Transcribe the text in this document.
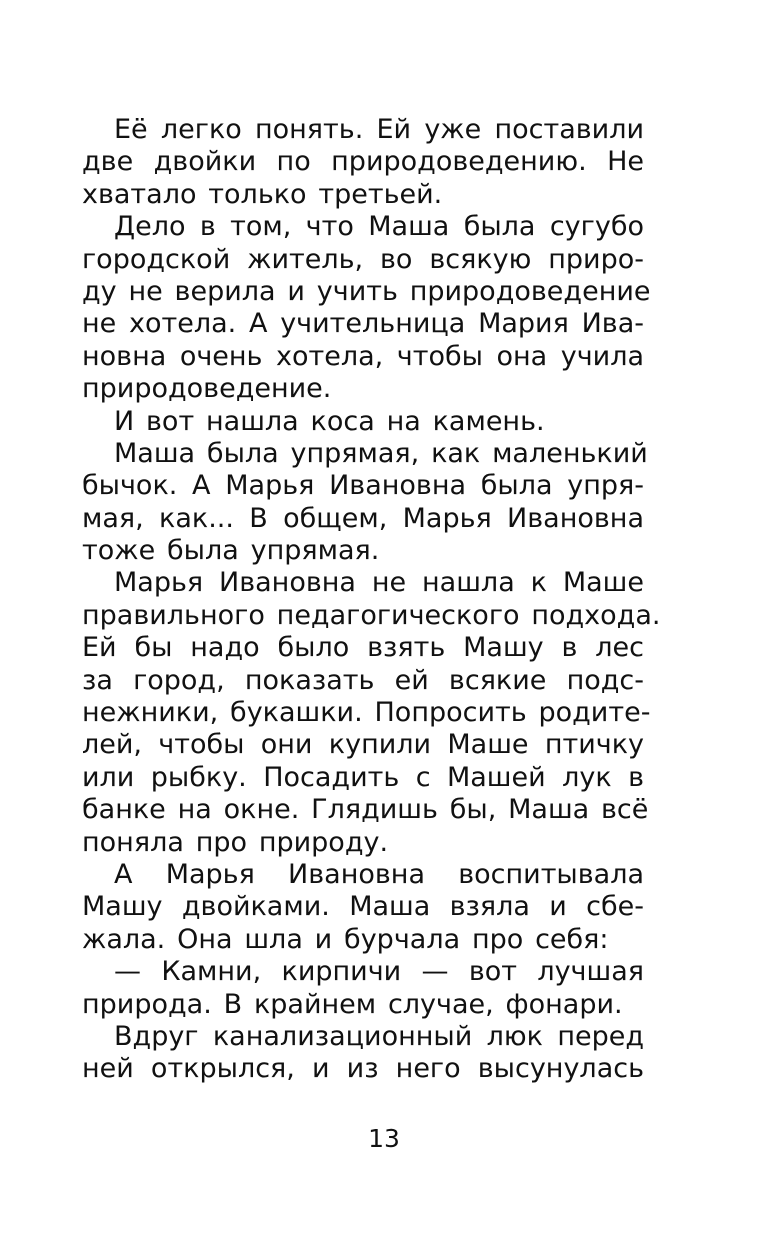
Её легко понять. Ей уже поставили
две двойки по природоведению. Не
хватало только третьей.
Дело в том, что Маша была сугубо
городской житель, во всякую приро-
ду не верила и учить природоведение
не хотела. А учительница Мария Ива-
новна очень хотела, чтобы она учила
природоведение.
И вот нашла коса на камень.
Маша была упрямая, как маленький
бычок. А Марья Ивановна была упря-
мая, как... В общем, Марья Ивановна
тоже была упрямая.
Марья Ивановна не нашла к Маше
правильного педагогического подхода.
Ей бы надо было взять Машу в лес
за город, показать ей всякие подс-
нежники, букашки. Попросить родите-
лей, чтобы они купили Маше птичку
или рыбку. Посадить с Машей лук в
банке на окне. Глядишь бы, Маша всё
поняла про природу.
А Марья Ивановна воспитывала
Машу двойками. Маша взяла и сбе-
жала. Она шла и бурчала про себя:
— Камни, кирпичи — вот лучшая
природа. В крайнем случае, фонари.
Вдруг канализационный люк перед
ней открылся, и из него высунулась
13
